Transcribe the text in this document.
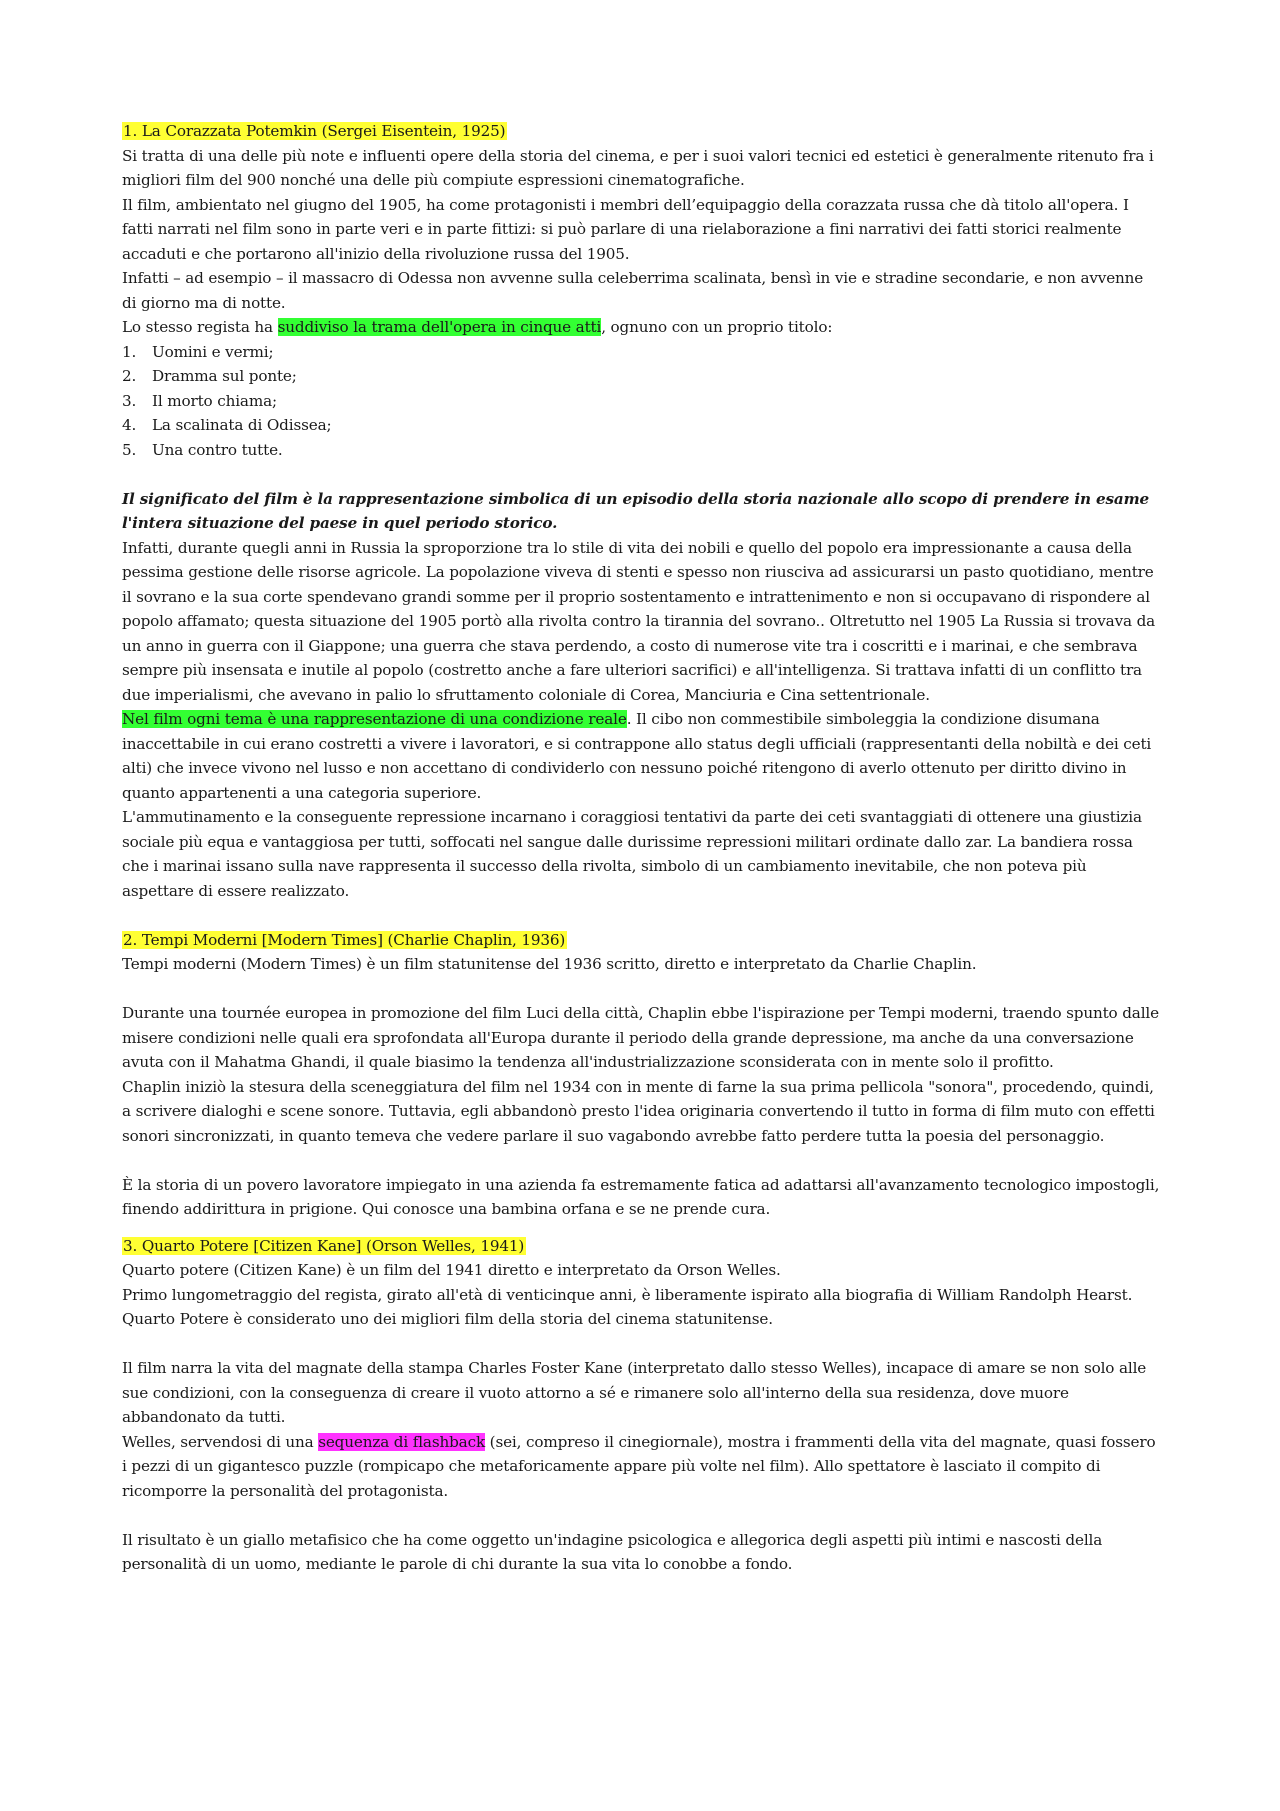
1. La Corazzata Potemkin (Sergei Eisentein, 1925)

Si tratta di una delle più note e influenti opere della storia del cinema, e per i suoi valori tecnici ed estetici è generalmente ritenuto fra i migliori film del 900 nonché una delle più compiute espressioni cinematografiche.

Il film, ambientato nel giugno del 1905, ha come protagonisti i membri dell’equipaggio della corazzata russa che dà titolo all'opera. I fatti narrati nel film sono in parte veri e in parte fittizi: si può parlare di una rielaborazione a fini narrativi dei fatti storici realmente accaduti e che portarono all'inizio della rivoluzione russa del 1905.

Infatti – ad esempio – il massacro di Odessa non avvenne sulla celeberrima scalinata, bensì in vie e stradine secondarie, e non avvenne di giorno ma di notte.

Lo stesso regista ha suddiviso la trama dell'opera in cinque atti, ognuno con un proprio titolo:

1.	Uomini e vermi;
2.	Dramma sul ponte;
3.	Il morto chiama;
4.	La scalinata di Odissea;
5.	Una contro tutte.

Il significato del film è la rappresentazione simbolica di un episodio della storia nazionale allo scopo di prendere in esame l'intera situazione del paese in quel periodo storico.

Infatti, durante quegli anni in Russia la sproporzione tra lo stile di vita dei nobili e quello del popolo era impressionante a causa della pessima gestione delle risorse agricole. La popolazione viveva di stenti e spesso non riusciva ad assicurarsi un pasto quotidiano, mentre il sovrano e la sua corte spendevano grandi somme per il proprio sostentamento e intrattenimento e non si occupavano di rispondere al popolo affamato; questa situazione del 1905 portò alla rivolta contro la tirannia del sovrano.. Oltretutto nel 1905 La Russia si trovava da un anno in guerra con il Giappone; una guerra che stava perdendo, a costo di numerose vite tra i coscritti e i marinai, e che sembrava sempre più insensata e inutile al popolo (costretto anche a fare ulteriori sacrifici) e all'intelligenza. Si trattava infatti di un conflitto tra due imperialismi, che avevano in palio lo sfruttamento coloniale di Corea, Manciuria e Cina settentrionale.

Nel film ogni tema è una rappresentazione di una condizione reale. Il cibo non commestibile simboleggia la condizione disumana inaccettabile in cui erano costretti a vivere i lavoratori, e si contrappone allo status degli ufficiali (rappresentanti della nobiltà e dei ceti alti) che invece vivono nel lusso e non accettano di condividerlo con nessuno poiché ritengono di averlo ottenuto per diritto divino in quanto appartenenti a una categoria superiore.

L'ammutinamento e la conseguente repressione incarnano i coraggiosi tentativi da parte dei ceti svantaggiati di ottenere una giustizia sociale più equa e vantaggiosa per tutti, soffocati nel sangue dalle durissime repressioni militari ordinate dallo zar. La bandiera rossa che i marinai issano sulla nave rappresenta il successo della rivolta, simbolo di un cambiamento inevitabile, che non poteva più aspettare di essere realizzato.

2. Tempi Moderni [Modern Times] (Charlie Chaplin, 1936)

Tempi moderni (Modern Times) è un film statunitense del 1936 scritto, diretto e interpretato da Charlie Chaplin.

Durante una tournée europea in promozione del film Luci della città, Chaplin ebbe l'ispirazione per Tempi moderni, traendo spunto dalle misere condizioni nelle quali era sprofondata all'Europa durante il periodo della grande depressione, ma anche da una conversazione avuta con il Mahatma Ghandi, il quale biasimo la tendenza all'industrializzazione sconsiderata con in mente solo il profitto.

Chaplin iniziò la stesura della sceneggiatura del film nel 1934 con in mente di farne la sua prima pellicola "sonora", procedendo, quindi, a scrivere dialoghi e scene sonore. Tuttavia, egli abbandonò presto l'idea originaria convertendo il tutto in forma di film muto con effetti sonori sincronizzati, in quanto temeva che vedere parlare il suo vagabondo avrebbe fatto perdere tutta la poesia del personaggio.

È la storia di un povero lavoratore impiegato in una azienda fa estremamente fatica ad adattarsi all'avanzamento tecnologico impostogli, finendo addirittura in prigione. Qui conosce una bambina orfana e se ne prende cura.

3. Quarto Potere [Citizen Kane] (Orson Welles, 1941)

Quarto potere (Citizen Kane) è un film del 1941 diretto e interpretato da Orson Welles.

Primo lungometraggio del regista, girato all'età di venticinque anni, è liberamente ispirato alla biografia di William Randolph Hearst.

Quarto Potere è considerato uno dei migliori film della storia del cinema statunitense.

Il film narra la vita del magnate della stampa Charles Foster Kane (interpretato dallo stesso Welles), incapace di amare se non solo alle sue condizioni, con la conseguenza di creare il vuoto attorno a sé e rimanere solo all'interno della sua residenza, dove muore abbandonato da tutti.

Welles, servendosi di una sequenza di flashback (sei, compreso il cinegiornale), mostra i frammenti della vita del magnate, quasi fossero i pezzi di un gigantesco puzzle (rompicapo che metaforicamente appare più volte nel film). Allo spettatore è lasciato il compito di ricomporre la personalità del protagonista.

Il risultato è un giallo metafisico che ha come oggetto un'indagine psicologica e allegorica degli aspetti più intimi e nascosti della personalità di un uomo, mediante le parole di chi durante la sua vita lo conobbe a fondo.
